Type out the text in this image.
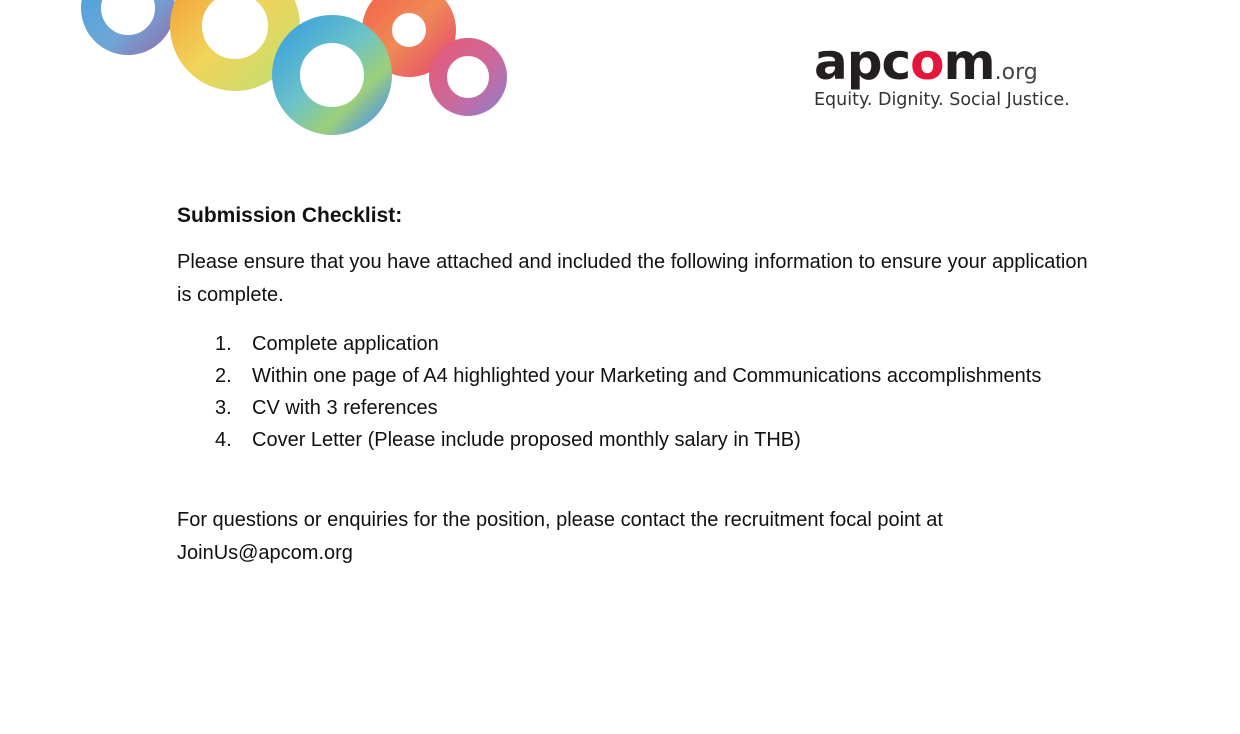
apcom.org
Equity. Dignity. Social Justice.
Submission Checklist:

Please ensure that you have attached and included the following information to ensure your application is complete.

1. Complete application
2. Within one page of A4 highlighted your Marketing and Communications accomplishments
3. CV with 3 references
4. Cover Letter (Please include proposed monthly salary in THB)

For questions or enquiries for the position, please contact the recruitment focal point at
JoinUs@apcom.org
